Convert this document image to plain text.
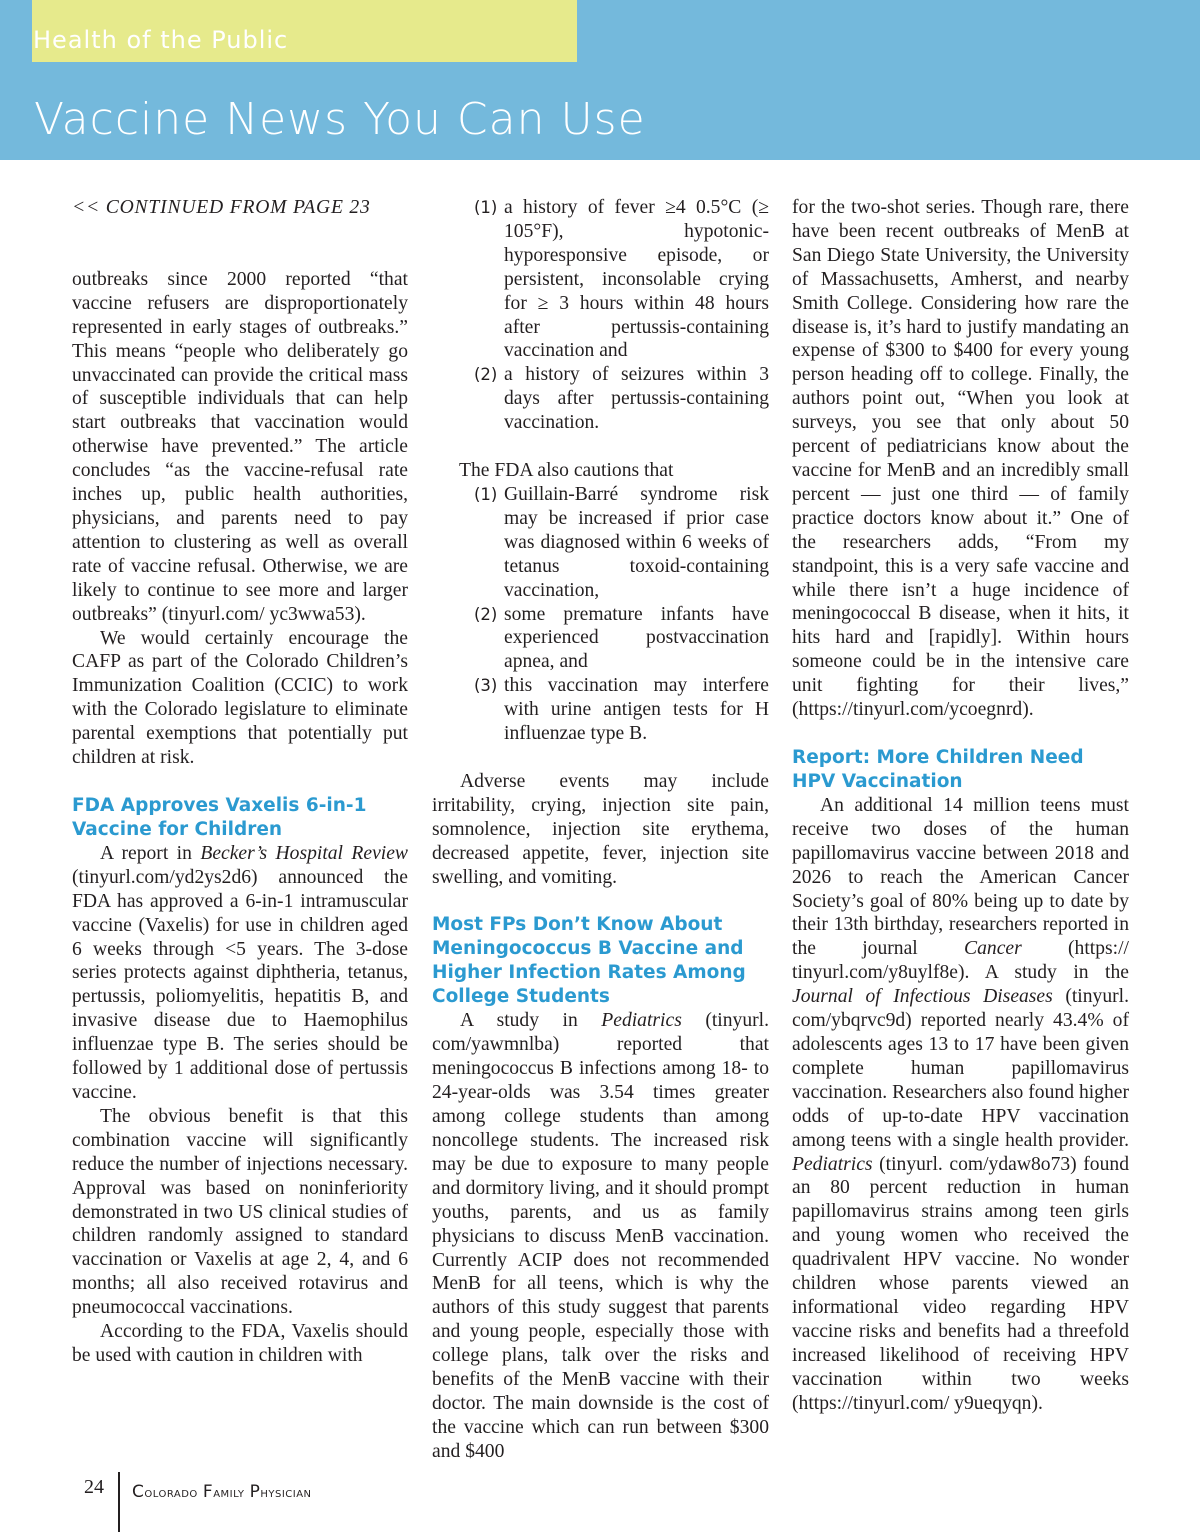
Health of the Public
Vaccine News You Can Use

<< CONTINUED FROM PAGE 23

outbreaks since 2000 reported “that vaccine refusers are disproportionately represented in early stages of outbreaks.” This means “people who deliberately go unvaccinated can provide the critical mass of susceptible individuals that can help start outbreaks that vaccination would otherwise have prevented.” The article concludes “as the vaccine-refusal rate inches up, public health authorities, physicians, and parents need to pay attention to clustering as well as overall rate of vaccine refusal. Otherwise, we are likely to continue to see more and larger outbreaks” (tinyurl.com/ yc3wwa53).

We would certainly encourage the CAFP as part of the Colorado Children’s Immunization Coalition (CCIC) to work with the Colorado legislature to eliminate parental exemptions that potentially put children at risk.

FDA Approves Vaxelis 6-in-1 Vaccine for Children

A report in Becker’s Hospital Review (tinyurl.com/yd2ys2d6) announced the FDA has approved a 6-in-1 intramuscular vaccine (Vaxelis) for use in children aged 6 weeks through <5 years. The 3-dose series protects against diphtheria, tetanus, pertussis, poliomyelitis, hepatitis B, and invasive disease due to Haemophilus influenzae type B. The series should be followed by 1 additional dose of pertussis vaccine.

The obvious benefit is that this combination vaccine will significantly reduce the number of injections necessary. Approval was based on noninferiority demonstrated in two US clinical studies of children randomly assigned to standard vaccination or Vaxelis at age 2, 4, and 6 months; all also received rotavirus and pneumococcal vaccinations.

According to the FDA, Vaxelis should be used with caution in children with

(1) a history of fever ≥4 0.5°C (≥ 105°F), hypotonic-hyporesponsive episode, or persistent, inconsolable crying for ≥ 3 hours within 48 hours after pertussis-containing vaccination and
(2) a history of seizures within 3 days after pertussis-containing vaccination.

The FDA also cautions that

(1) Guillain-Barré syndrome risk may be increased if prior case was diagnosed within 6 weeks of tetanus toxoid-containing vaccination,
(2) some premature infants have experienced postvaccination apnea, and
(3) this vaccination may interfere with urine antigen tests for H influenzae type B.

Adverse events may include irritability, crying, injection site pain, somnolence, injection site erythema, decreased appetite, fever, injection site swelling, and vomiting.

Most FPs Don’t Know About Meningococcus B Vaccine and Higher Infection Rates Among College Students

A study in Pediatrics (tinyurl. com/yawmnlba) reported that meningococcus B infections among 18- to 24-year-olds was 3.54 times greater among college students than among noncollege students. The increased risk may be due to exposure to many people and dormitory living, and it should prompt youths, parents, and us as family physicians to discuss MenB vaccination. Currently ACIP does not recommended MenB for all teens, which is why the authors of this study suggest that parents and young people, especially those with college plans, talk over the risks and benefits of the MenB vaccine with their doctor. The main downside is the cost of the vaccine which can run between $300 and $400

for the two-shot series. Though rare, there have been recent outbreaks of MenB at San Diego State University, the University of Massachusetts, Amherst, and nearby Smith College. Considering how rare the disease is, it’s hard to justify mandating an expense of $300 to $400 for every young person heading off to college. Finally, the authors point out, “When you look at surveys, you see that only about 50 percent of pediatricians know about the vaccine for MenB and an incredibly small percent — just one third — of family practice doctors know about it.” One of the researchers adds, “From my standpoint, this is a very safe vaccine and while there isn’t a huge incidence of meningococcal B disease, when it hits, it hits hard and [rapidly]. Within hours someone could be in the intensive care unit fighting for their lives,” (https://tinyurl.com/ycoegnrd).

Report: More Children Need HPV Vaccination

An additional 14 million teens must receive two doses of the human papillomavirus vaccine between 2018 and 2026 to reach the American Cancer Society’s goal of 80% being up to date by their 13th birthday, researchers reported in the journal Cancer (https:// tinyurl.com/y8uylf8e). A study in the Journal of Infectious Diseases (tinyurl. com/ybqrvc9d) reported nearly 43.4% of adolescents ages 13 to 17 have been given complete human papillomavirus vaccination. Researchers also found higher odds of up-to-date HPV vaccination among teens with a single health provider. Pediatrics (tinyurl. com/ydaw8o73) found an 80 percent reduction in human papillomavirus strains among teen girls and young women who received the quadrivalent HPV vaccine. No wonder children whose parents viewed an informational video regarding HPV vaccine risks and benefits had a threefold increased likelihood of receiving HPV vaccination within two weeks (https://tinyurl.com/ y9ueqyqn).

24 Colorado Family Physician
